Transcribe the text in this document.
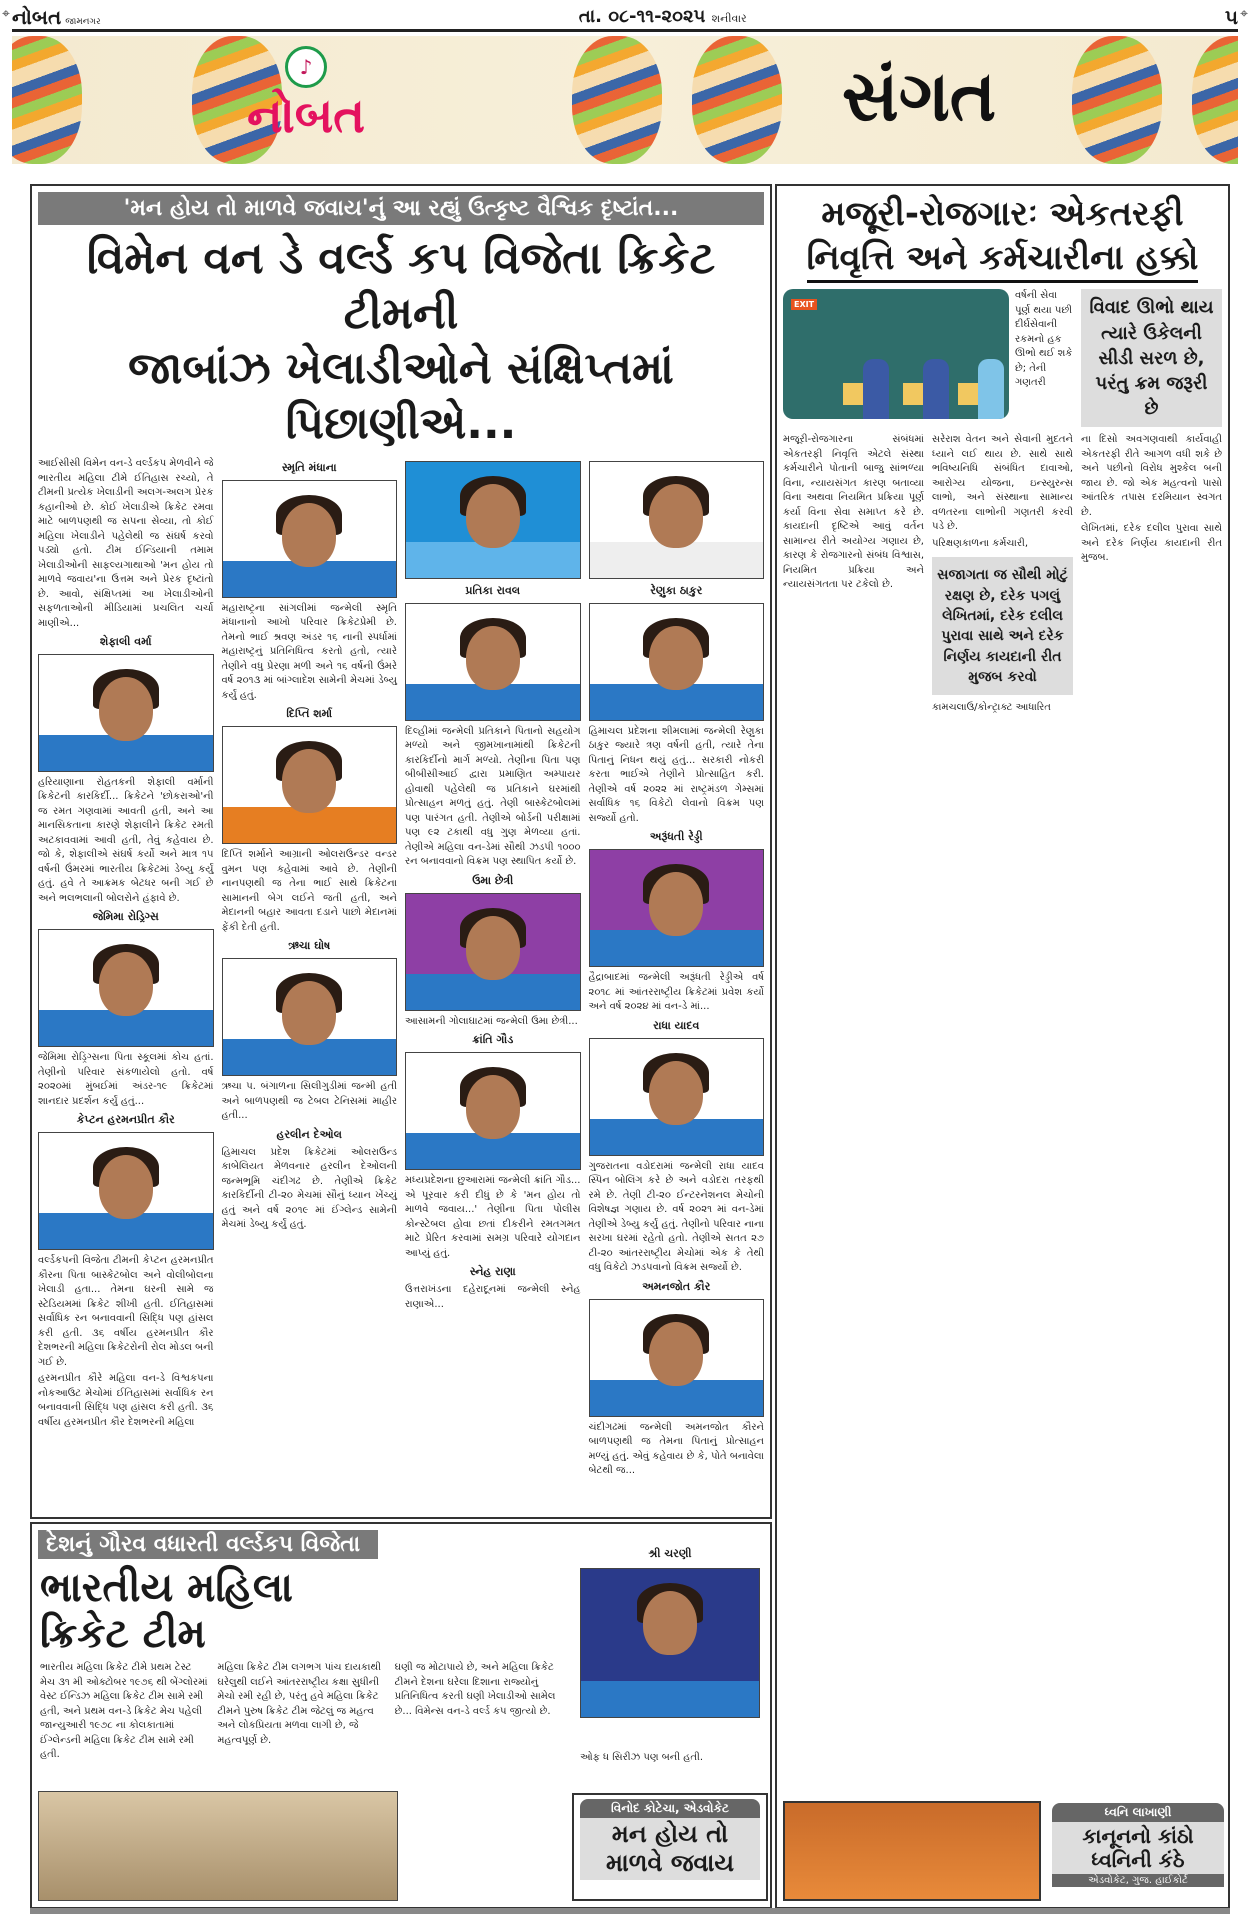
⌖	⌖
નોબત જામનગર	તા. ૦૮-૧૧-૨૦૨૫ શનીવાર	૫
♪
નોબત	સંગત
'મન હોય તો માળવે જવાય'નું આ રહ્યું ઉત્કૃષ્ટ વૈશ્વિક દૃષ્ટાંત...
વિમેન વન ડે વર્લ્ડ કપ વિજેતા ક્રિકેટ ટીમની
જાબાંઝ ખેલાડીઓને સંક્ષિપ્તમાં પિછાણીએ...

આઈસીસી વિમેન વન-ડે વર્લ્ડકપ મેળવીને જે ભારતીય મહિલા ટીમે ઈતિહાસ રચ્યો, તે ટીમની પ્રત્યેક ખેલાડીની અલગ-અલગ પ્રેરક કહાનીઓ છે. કોઈ ખેલાડીએ ક્રિકેટ રમવા માટે બાળપણથી જ સપના સેવ્યા, તો કોઈ મહિલા ખેલાડીને પહેલેથી જ સંઘર્ષ કરવો પડ્યો હતો. ટીમ ઈન્ડિયાની તમામ ખેલાડીઓની સાફલ્યગાથાઓ 'મન હોય તો માળવે જવાય'ના ઉત્તમ અને પ્રેરક દૃષ્ટાંતો છે. આવો, સંક્ષિપ્તમાં આ ખેલાડીઓની સફળતાઓની મીડિયામાં પ્રચલિત ચર્ચા માણીએ...

શેફાલી વર્મા

હરિયાણાના રોહતકની શેફાલી વર્માની ક્રિકેટની કારકિર્દી... ક્રિકેટને 'છોકરાઓ'ની જ રમત ગણવામાં આવતી હતી, અને આ માનસિકતાના કારણે શેફાલીને ક્રિકેટ રમતી અટકાવવામાં આવી હતી, તેવું કહેવાય છે. જો કે, શેફાલીએ સંઘર્ષ કર્યો અને માત્ર ૧૫ વર્ષની ઉંમરમાં ભારતીય ક્રિકેટમાં ડેબ્યુ કર્યું હતું. હવે તે આક્રમક બેટધર બની ગઈ છે અને ભલભલાની બોલરોને હંફાવે છે.

જેમિમા રોડ્રિગ્સ

જેમિમા રોડ્રિગ્સના પિતા સ્કૂલમાં કોચ હતાં. તેણીનો પરિવાર સંકળાયેલો હતો. વર્ષ ૨૦૨૦માં મુંબઈમાં અંડર-૧૯ ક્રિકેટમાં શાનદાર પ્રદર્શન કર્યું હતું...

કેપ્ટન હરમનપ્રીત કૌર

વર્લ્ડકપની વિજેતા ટીમની કેપ્ટન હરમનપ્રીત કૌરના પિતા બાસ્કેટબોલ અને વોલીબોલના ખેલાડી હતા... તેમના ઘરની સામે જ સ્ટેડિયમમાં ક્રિકેટ શીખી હતી. ઈતિહાસમાં સર્વાધિક રન બનાવવાની સિદ્ધિ પણ હાંસલ કરી હતી. ૩૬ વર્ષીય હરમનપ્રીત કૌર દેશભરની મહિલા ક્રિકેટરોની રોલ મોડલ બની ગઈ છે.

હરમનપ્રીત કૌરે મહિલા વન-ડે વિશ્વકપના નોકઆઉટ મેચોમાં ઈતિહાસમાં સર્વાધિક રન બનાવવાની સિદ્ધિ પણ હાંસલ કરી હતી. ૩૬ વર્ષીય હરમનપ્રીત કૌર દેશભરની મહિલા

સ્મૃતિ મંધાના

મહારાષ્ટ્રના સાંગલીમાં જન્મેલી સ્મૃતિ મંધાનાનો આખો પરિવાર ક્રિકેટપ્રેમી છે. તેમનો ભાઈ શ્રવણ અંડર ૧૬ નાની સ્પર્ધામાં મહારાષ્ટ્રનું પ્રતિનિધિત્વ કરતો હતો, ત્યારે તેણીને વધુ પ્રેરણા મળી અને ૧૬ વર્ષની ઉંમરે વર્ષ ૨૦૧૩ માં બાંગ્લાદેશ સામેની મેચમાં ડેબ્યુ કર્યું હતું.

દિપ્તિ શર્મા

દિપ્તિ શર્માને આગ્રાની ઓલરાઉન્ડર વન્ડર વુમન પણ કહેવામાં આવે છે. તેણીની નાનપણથી જ તેના ભાઈ સાથે ક્રિકેટના સામાનની બેગ લઈને જતી હતી, અને મેદાનની બહાર આવતા દડાને પાછો મેદાનમાં ફેંકી દેતી હતી.

ઋચા ઘોષ

ઋચા પ. બંગાળના સિલીગુડીમાં જન્મી હતી અને બાળપણથી જ ટેબલ ટેનિસમાં માહીર હતી...

હરલીન દેઓલ

હિમાચલ પ્રદેશ ક્રિકેટમાં ઓલરાઉન્ડ કાબેલિયત મેળવનાર હરલીન દેઓલની જન્મભૂમિ ચંદીગઢ છે. તેણીએ ક્રિકેટ કારકિર્દીની ટી-૨૦ મેચમાં સૌનું ધ્યાન ખેંચ્યું હતું અને વર્ષ ૨૦૧૯ માં ઈંગ્લેન્ડ સામેની મેચમાં ડેબ્યુ કર્યું હતું.

પ્રતિકા રાવલ

દિલ્હીમાં જન્મેલી પ્રતિકાને પિતાનો સહયોગ મળ્યો અને જીમખાનામાંથી ક્રિકેટની કારકિર્દીનો માર્ગ મળ્યો. તેણીના પિતા પણ બીબીસીઆઈ દ્વારા પ્રમાણિત અમ્પાયર હોવાથી પહેલેથી જ પ્રતિકાને ઘરમાંથી પ્રોત્સાહન મળતું હતું. તેણી બાસ્કેટબોલમાં પણ પારંગત હતી. તેણીએ બોર્ડની પરીક્ષામાં પણ ૯૨ ટકાથી વધુ ગુણ મેળવ્યા હતાં. તેણીએ મહિલા વન-ડેમાં સૌથી ઝડપી ૧૦૦૦ રન બનાવવાનો વિક્રમ પણ સ્થાપિત કર્યો છે.

ઉમા છેત્રી

આસામની ગોલાઘાટમાં જન્મેલી ઉમા છેત્રી...

ક્રાંતિ ગૌડ

મધ્યપ્રદેશના છુઆરામાં જન્મેલી ક્રાંતિ ગૌડ... એ પૂરવાર કરી દીધું છે કે 'મન હોય તો માળવે જવાય...' તેણીના પિતા પોલીસ કોન્સ્ટેબલ હોવા છતાં દીકરીને રમતગમત માટે પ્રેરિત કરવામાં સમગ્ર પરિવારે યોગદાન આપ્યું હતું.

સ્નેહ રાણા

ઉત્તરાખંડના દહેરાદૂનમાં જન્મેલી સ્નેહ રાણાએ...

રેણુકા ઠાકુર

હિમાચલ પ્રદેશના શીમલામાં જન્મેલી રેણુકા ઠાકુર જ્યારે ત્રણ વર્ષની હતી, ત્યારે તેના પિતાનું નિધન થયું હતું... સરકારી નોકરી કરતા ભાઈએ તેણીને પ્રોત્સાહિત કરી. તેણીએ વર્ષ ૨૦૨૨ માં રાષ્ટ્રમંડળ ગેમ્સમાં સર્વાધિક ૧૬ વિકેટો લેવાનો વિક્રમ પણ સર્જ્યો હતો.

અરૂંધતી રેડ્ડી

હૈદ્રાબાદમાં જન્મેલી અરૂંધતી રેડ્ડીએ વર્ષ ૨૦૧૮ માં આંતરરાષ્ટ્રીય ક્રિકેટમાં પ્રવેશ કર્યો અને વર્ષ ૨૦૨૪ માં વન-ડે માં...

રાધા યાદવ

ગુજરાતના વડોદરામાં જન્મેલી રાધા યાદવ સ્પિન બોલિંગ કરે છે અને વડોદરા તરફથી રમે છે. તેણી ટી-૨૦ ઈન્ટરનેશનલ મેચોની વિશેષજ્ઞ ગણાય છે. વર્ષ ૨૦૨૧ માં વન-ડેમાં તેણીએ ડેબ્યુ કર્યું હતું. તેણીનો પરિવાર નાના સરખા ઘરમાં રહેતો હતો. તેણીએ સતત ૨૭ ટી-૨૦ આંતરરાષ્ટ્રીય મેચોમાં એક કે તેથી વધુ વિકેટો ઝડપવાનો વિક્રમ સર્જ્યો છે.

અમનજોત કૌર

ચંદીગઢમાં જન્મેલી અમનજોત કૌરને બાળપણથી જ તેમના પિતાનું પ્રોત્સાહન મળ્યું હતું. એવું કહેવાય છે કે, પોતે બનાવેલા બેટથી જ...

દેશનું ગૌરવ વધારતી વર્લ્ડકપ વિજેતા
ભારતીય મહિલા ક્રિકેટ ટીમ

ભારતીય મહિલા ક્રિકેટ ટીમે પ્રથમ ટેસ્ટ મેચ ૩૧ મી ઓક્ટોબર ૧૯૭૬ થી બેંગ્લોરમાં વેસ્ટ ઈન્ડિઝ મહિલા ક્રિકેટ ટીમ સામે રમી હતી, અને પ્રથમ વન-ડે ક્રિકેટ મેચ પહેલી જાન્યુઆરી ૧૯૭૮ ના કોલકાતામાં ઈંગ્લેન્ડની મહિલા ક્રિકેટ ટીમ સામે રમી હતી.

મહિલા ક્રિકેટ ટીમ લગભગ પાંચ દાયકાથી ઘરેલુથી લઈને આંતરરાષ્ટ્રીય કક્ષા સુધીની મેચો રમી રહી છે, પરંતુ હવે મહિલા ક્રિકેટ ટીમને પુરુષ ક્રિકેટ ટીમ જેટલું જ મહત્વ અને લોકપ્રિયતા મળવા લાગી છે, જે મહત્વપૂર્ણ છે.

ઘણી જ મોટાપાયે છે, અને મહિલા ક્રિકેટ ટીમને દેશના ઘરેલા દિશાના રાજ્યોનું પ્રતિનિધિત્વ કરતી ઘણી ખેલાડીઓ સામેલ છે... વિમેન્સ વન-ડે વર્લ્ડ કપ જીત્યો છે.

શ્રી ચરણી

ઓફ ધ સિરીઝ પણ બની હતી.

વિનોદ કોટેચા, એડવોકેટ
મન હોય તો માળવે જવાય
મજૂરી-રોજગારઃ એકતરફી
નિવૃત્તિ અને કર્મચારીના હક્કો
EXIT
વર્ષની સેવા પૂર્ણ થયા પછી દીર્ઘસેવાની રકમનો હક ઊભો થઈ શકે છે; તેની ગણતરી
વિવાદ ઊભો થાય ત્યારે ઉકેલની સીડી સરળ છે, પરંતુ ક્રમ જરૂરી છે

મજૂરી-રોજગારના સંબંધમાં એકતરફી નિવૃત્તિ એટલે સંસ્થા કર્મચારીને પોતાની બાજુ સાંભળ્યા વિના, ન્યાયસંગત કારણ બતાવ્યા વિના અથવા નિયમિત પ્રક્રિયા પૂર્ણ કર્યા વિના સેવા સમાપ્ત કરે છે. કાયદાની દૃષ્ટિએ આવું વર્તન સામાન્ય રીતે અયોગ્ય ગણાય છે, કારણ કે રોજગારનો સંબંધ વિશ્વાસ, નિયમિત પ્રક્રિયા અને ન્યાયસંગતતા પર ટકેલો છે.

સરેરાશ વેતન અને સેવાની મુદતને ધ્યાને લઈ થાય છે. સાથે સાથે ભવિષ્યનિધિ સંબંધિત દાવાઓ, આરોગ્ય યોજના, ઇન્સ્યુરન્સ લાભો, અને સંસ્થાના સામાન્ય વળતરના લાભોની ગણતરી કરવી પડે છે.

પરિક્ષણકાળના કર્મચારી,

સજાગતા જ સૌથી મોટું રક્ષણ છે, દરેક પગલું લેખિતમાં, દરેક દલીલ પુરાવા સાથે અને દરેક નિર્ણય કાયદાની રીત મુજબ કરવો

કામચલાઉ/કોન્ટ્રાક્ટ આધારિત

ના દિસો અવગણવાથી કાર્યવાહી એકતરફી રીતે આગળ વધી શકે છે અને પછીનો વિરોધ મુશ્કેલ બની જાય છે. જો એક મહત્વનો પાસો આંતરિક તપાસ દરમિયાન સ્વગત છે.

લેખિતમાં, દરેક દલીલ પુરાવા સાથે અને દરેક નિર્ણય કાયદાની રીત મુજબ.

ધ્વનિ લાખાણી
કાનૂનનો કાંઠો
ધ્વનિની કંઠે
એડવોકેટ, ગુજ. હાઈકોર્ટ
